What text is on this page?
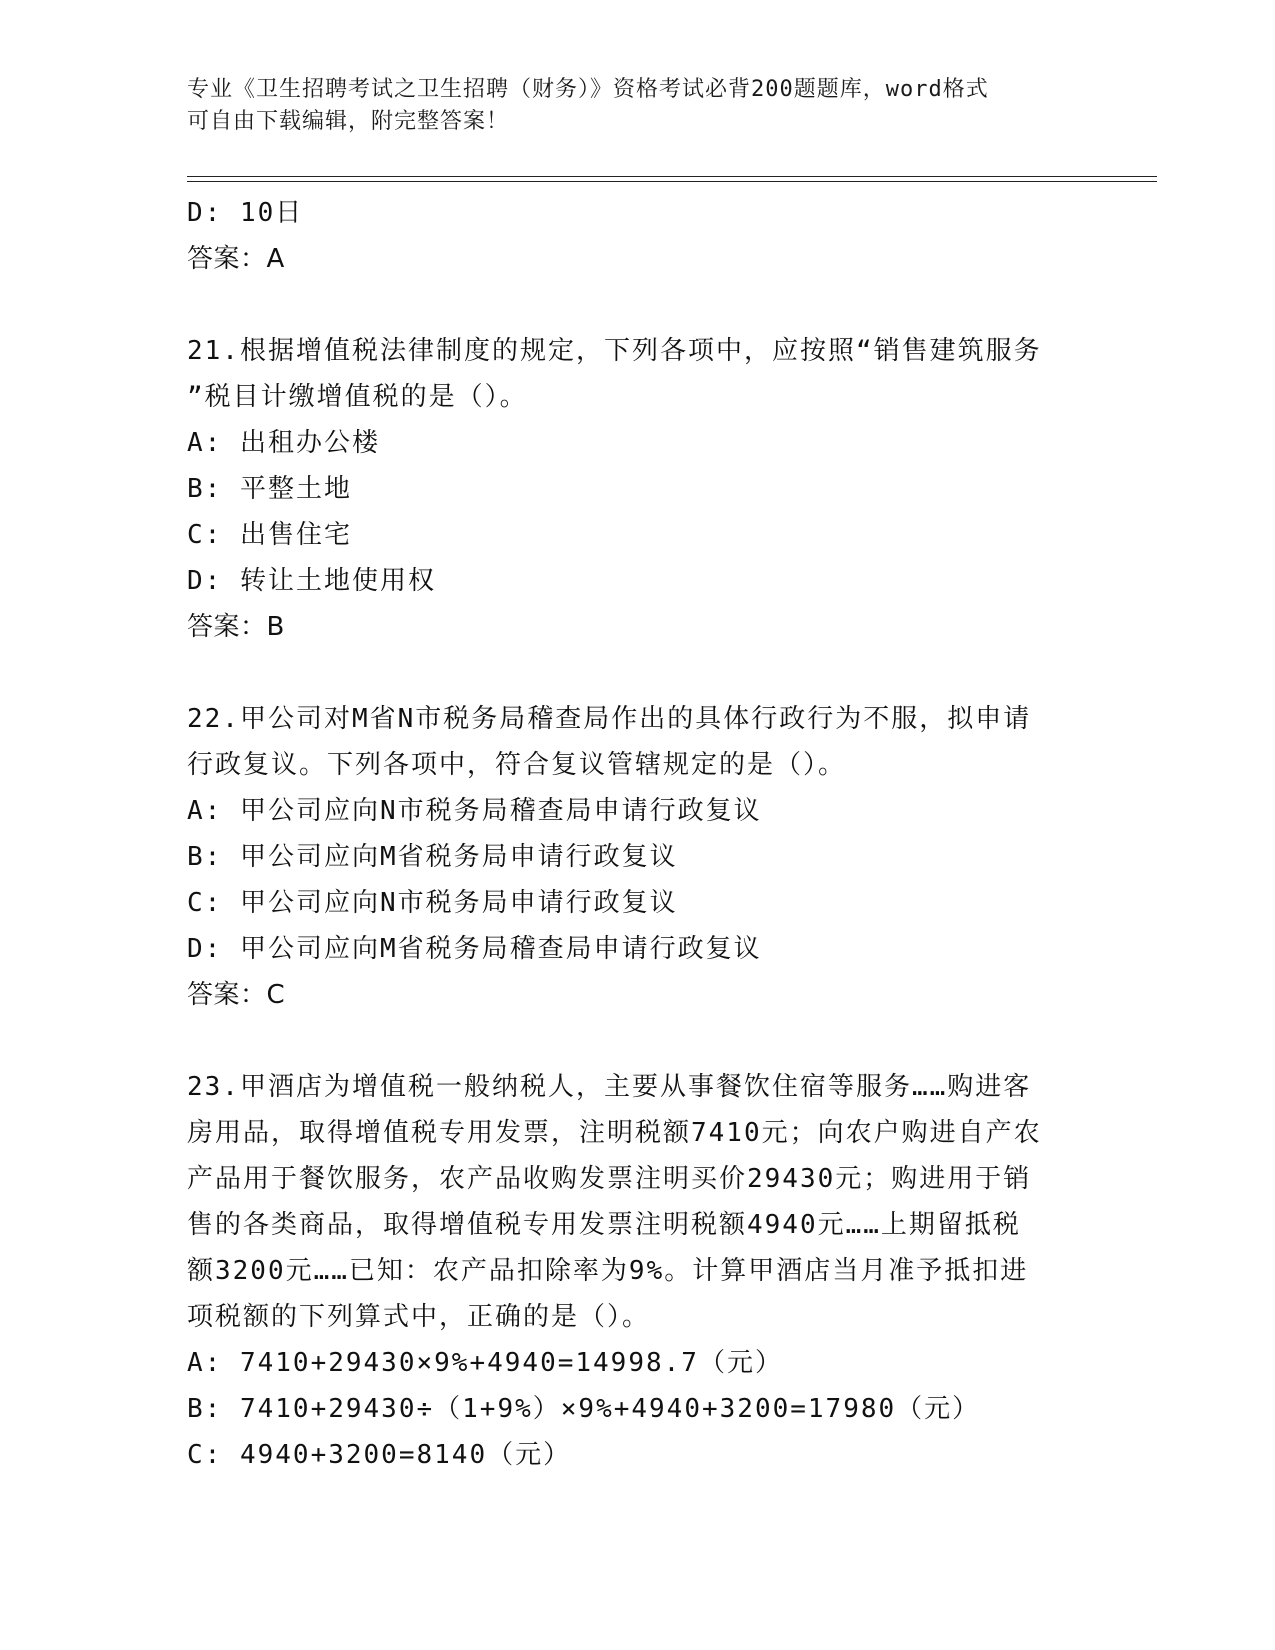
专业《卫生招聘考试之卫生招聘（财务）》资格考试必背200题题库，word格式
可自由下载编辑，附完整答案！
D: 10日
答案：A
21.根据增值税法律制度的规定，下列各项中，应按照“销售建筑服务
”税目计缴增值税的是（）。
A: 出租办公楼
B: 平整土地
C: 出售住宅
D: 转让土地使用权
答案：B
22.甲公司对M省N市税务局稽查局作出的具体行政行为不服，拟申请
行政复议。下列各项中，符合复议管辖规定的是（）。
A: 甲公司应向N市税务局稽查局申请行政复议
B: 甲公司应向M省税务局申请行政复议
C: 甲公司应向N市税务局申请行政复议
D: 甲公司应向M省税务局稽查局申请行政复议
答案：C
23.甲酒店为增值税一般纳税人，主要从事餐饮住宿等服务……购进客
房用品，取得增值税专用发票，注明税额7410元；向农户购进自产农
产品用于餐饮服务，农产品收购发票注明买价29430元；购进用于销
售的各类商品，取得增值税专用发票注明税额4940元……上期留抵税
额3200元……已知：农产品扣除率为9%。计算甲酒店当月准予抵扣进
项税额的下列算式中，正确的是（）。
A: 7410+29430×9%+4940=14998.7（元）
B: 7410+29430÷（1+9%）×9%+4940+3200=17980（元）
C: 4940+3200=8140（元）
